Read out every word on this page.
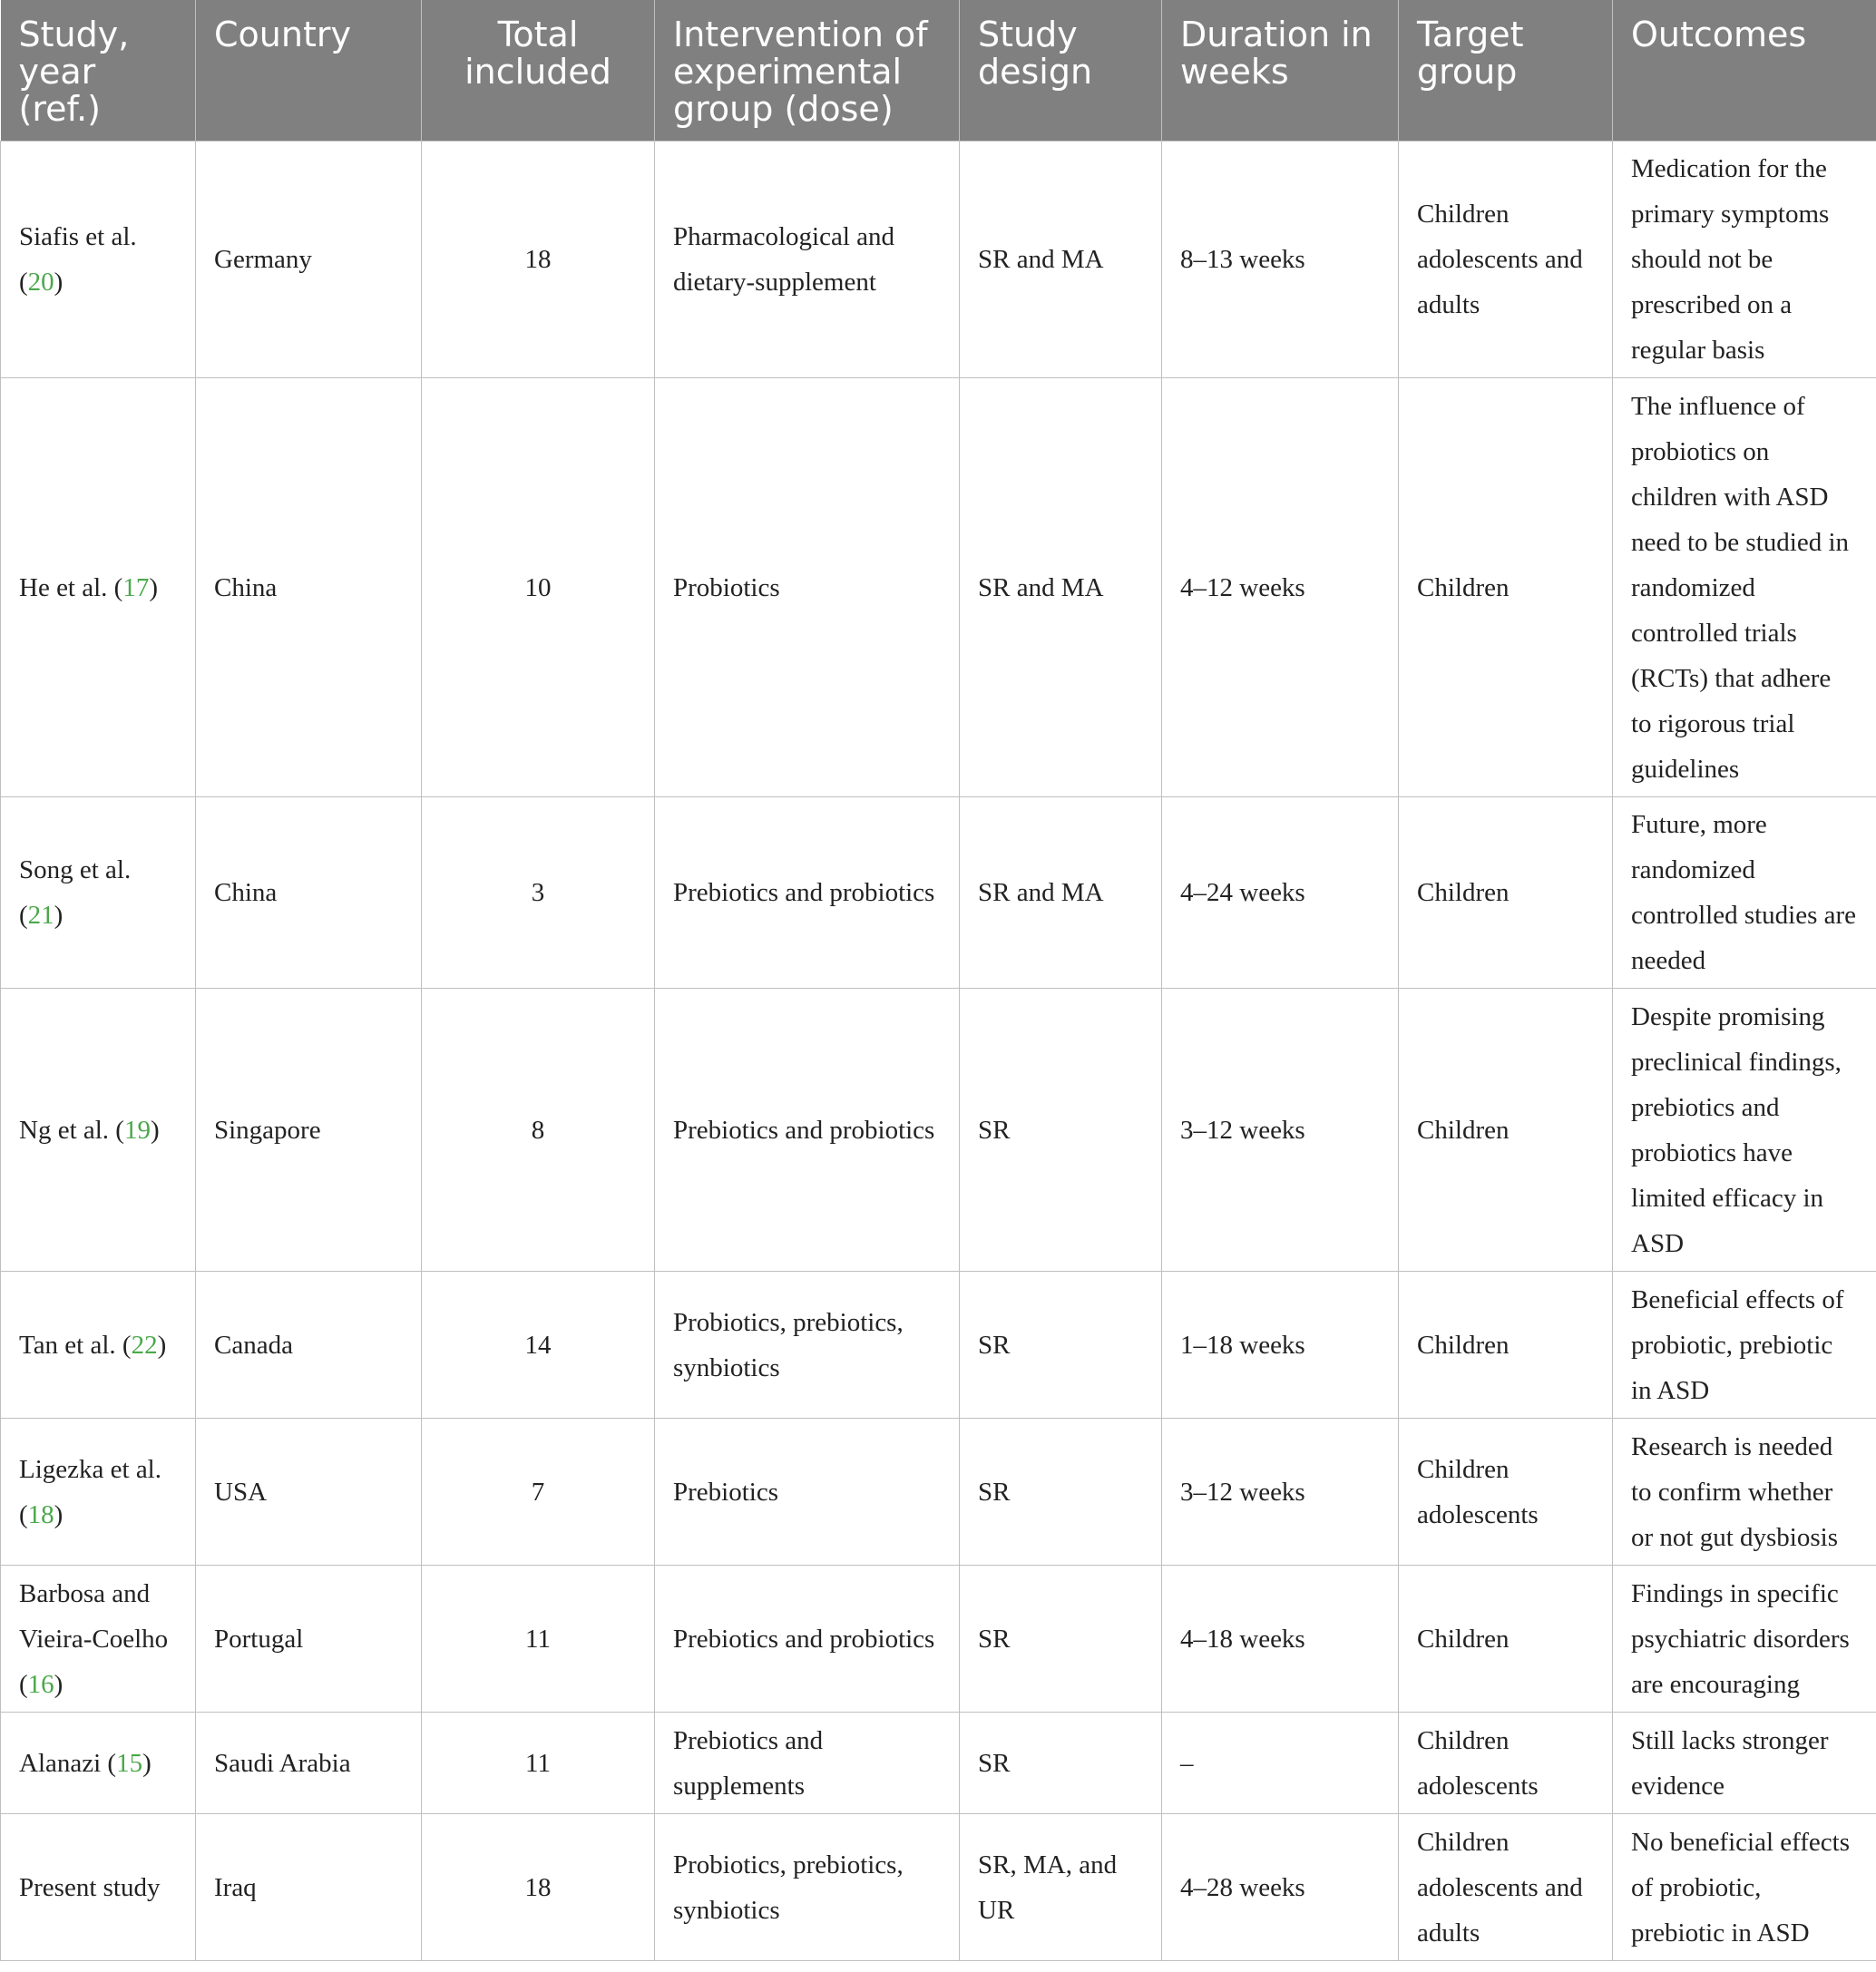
Study, year (ref.)	Country	Total included	Intervention of experimental group (dose)	Study design	Duration in weeks	Target group	Outcomes
Siafis et al. (20)	Germany	18	Pharmacological and dietary-supplement	SR and MA	8–13 weeks	Children adolescents and adults	Medication for the primary symptoms should not be prescribed on a regular basis
He et al. (17)	China	10	Probiotics	SR and MA	4–12 weeks	Children	The influence of probiotics on children with ASD need to be studied in randomized controlled trials (RCTs) that adhere to rigorous trial guidelines
Song et al. (21)	China	3	Prebiotics and probiotics	SR and MA	4–24 weeks	Children	Future, more randomized controlled studies are needed
Ng et al. (19)	Singapore	8	Prebiotics and probiotics	SR	3–12 weeks	Children	Despite promising preclinical findings, prebiotics and probiotics have limited efficacy in ASD
Tan et al. (22)	Canada	14	Probiotics, prebiotics, synbiotics	SR	1–18 weeks	Children	Beneficial effects of probiotic, prebiotic in ASD
Ligezka et al. (18)	USA	7	Prebiotics	SR	3–12 weeks	Children adolescents	Research is needed to confirm whether or not gut dysbiosis
Barbosa and Vieira-Coelho (16)	Portugal	11	Prebiotics and probiotics	SR	4–18 weeks	Children	Findings in specific psychiatric disorders are encouraging
Alanazi (15)	Saudi Arabia	11	Prebiotics and supplements	SR	–	Children adolescents	Still lacks stronger evidence
Present study	Iraq	18	Probiotics, prebiotics, synbiotics	SR, MA, and UR	4–28 weeks	Children adolescents and adults	No beneficial effects of probiotic, prebiotic in ASD
